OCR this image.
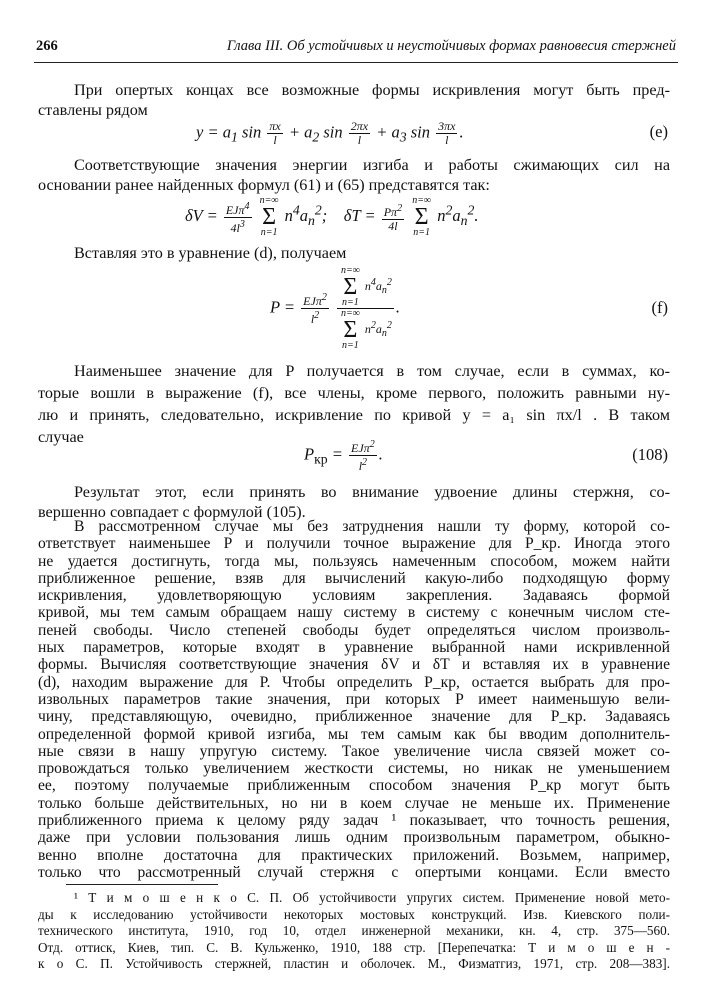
266	Глава III. Об устойчивых и неустойчивых формах равновесия стержней
При опертых концах все возможные формы искривления могут быть пред-
ставлены рядом
$y = a_1$ $\sin \frac{\pi x}{l} + a_2$ $\sin \frac{2\pi x}{l} + a_3$ $\sin \frac{3\pi x}{l}$ .	(e)
Соответствующие значения энергии изгиба и работы сжимающих сил на
основании ранее найденных формул (61) и (65) представятся так:
$\delta V = \frac{EJ\pi^4}{4l^3}$
n=∞
Σ
n=1
$n^4a_n^2$;    $\delta T = \frac{P\pi^2}{4l}$

n=∞
Σ
n=1
$n^2a_n^2$.
Вставляя это в уравнение (d), получаем
$P = \frac{EJ\pi^2}{l^2}$
n=∞
Σ
n=1
$n^4a_n^2$
n=∞
Σ
n=1
$n^2a_n^2$ .	(f)
Наименьшее значение для P получается в том случае, если в суммах, ко-
торые вошли в выражение (f), все члены, кроме первого, положить равными ну-
лю и принять, следовательно, искривление по кривой y = a₁ sin πx/l . В таком
случае
$P_{кр} = \frac{EJ\pi^2}{l^2}$ .	(108)
Результат этот, если принять во внимание удвоение длины стержня, со-
вершенно совпадает с формулой (105).
В рассмотренном случае мы без затруднения нашли ту форму, которой со-
ответствует наименьшее P и получили точное выражение для P_кр. Иногда этого
не удается достигнуть, тогда мы, пользуясь намеченным способом, можем найти
приближенное решение, взяв для вычислений какую-либо подходящую форму
искривления, удовлетворяющую условиям закрепления. Задаваясь формой
кривой, мы тем самым обращаем нашу систему в систему с конечным числом сте-
пеней свободы. Число степеней свободы будет определяться числом произволь-
ных параметров, которые входят в уравнение выбранной нами искривленной
формы. Вычисляя соответствующие значения δV и δT и вставляя их в уравнение
(d), находим выражение для P. Чтобы определить P_кр, остается выбрать для про-
извольных параметров такие значения, при которых P имеет наименьшую вели-
чину, представляющую, очевидно, приближенное значение для P_кр. Задаваясь
определенной формой кривой изгиба, мы тем самым как бы вводим дополнитель-
ные связи в нашу упругую систему. Такое увеличение числа связей может со-
провождаться только увеличением жесткости системы, но никак не уменьшением
ее, поэтому получаемые приближенным способом значения P_кр могут быть
только больше действительных, но ни в коем случае не меньше их. Применение
приближенного приема к целому ряду задач ¹ показывает, что точность решения,
даже при условии пользования лишь одним произвольным параметром, обыкно-
венно вполне достаточна для практических приложений. Возьмем, например,
только что рассмотренный случай стержня с опертыми концами. Если вместо
¹ Т и м о ш е н к о С. П. Об устойчивости упругих систем. Применение новой мето-
ды к исследованию устойчивости некоторых мостовых конструкций. Изв. Киевского поли-
технического института, 1910, год 10, отдел инженерной механики, кн. 4, стр. 375—560.
Отд. оттиск, Киев, тип. С. В. Кульженко, 1910, 188 стр. [Перепечатка: Т и м о ш е н -
к о С. П. Устойчивость стержней, пластин и оболочек. М., Физматгиз, 1971, стр. 208—383].
